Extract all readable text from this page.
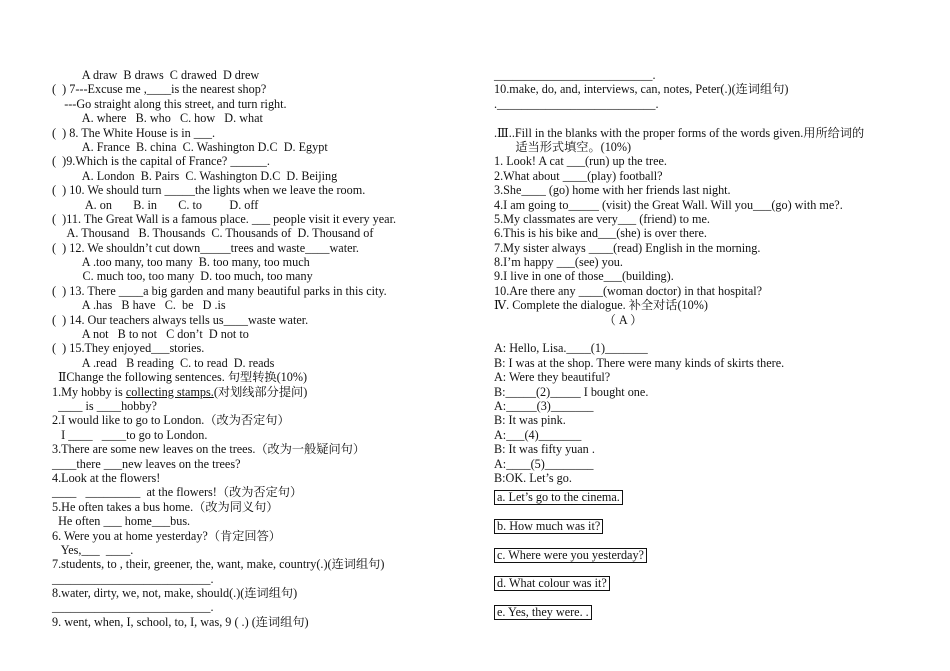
A draw  B draws  C drawed  D drew
(  ) 7---Excuse me ,____is the nearest shop?
---Go straight along this street, and turn right.
A. where   B. who   C. how   D. what
(  ) 8. The White House is in ___.
A. France  B. china  C. Washington D.C  D. Egypt
(  )9.Which is the capital of France? ______.
A. London  B. Pairs  C. Washington D.C  D. Beijing
(  ) 10. We should turn _____the lights when we leave the room.
A. on       B. in       C. to         D. off
(  )11. The Great Wall is a famous place. ___ people visit it every year.
A. Thousand   B. Thousands  C. Thousands of  D. Thousand of
(  ) 12. We shouldn’t cut down_____trees and waste____water.
A .too many, too many  B. too many, too much
C. much too, too many  D. too much, too many
(  ) 13. There ____a big garden and many beautiful parks in this city.
A .has   B have   C.  be   D .is
(  ) 14. Our teachers always tells us____waste water.
A not   B to not   C don’t  D not to
(  ) 15.They enjoyed___stories.
A .read   B reading  C. to read  D. reads
ⅡChange the following sentences. 句型转换(10%)
1.My hobby is collecting stamps.(对划线部分提问)
____ is ____hobby?
2.I would like to go to London.（改为否定句）
I ____   ____to go to London.
3.There are some new leaves on the trees.（改为一般疑问句）
____there ___new leaves on the trees?
4.Look at the flowers!
____   _________  at the flowers!（改为否定句）
5.He often takes a bus home.（改为同义句）
He often ___ home___bus.
6. Were you at home yesterday?（肯定回答）
Yes,___  ____.
7.students, to , their, greener, the, want, make, country(.)(连词组句)
__________________________.
8.water, dirty, we, not, make, should(.)(连词组句)
__________________________.
9. went, when, I, school, to, I, was, 9 ( .) (连词组句)
__________________________.
10.make, do, and, interviews, can, notes, Peter(.)(连词组句)
.__________________________.
.Ⅲ..Fill in the blanks with the proper forms of the words given.用所给词的
适当形式填空。(10%)
1. Look! A cat ___(run) up the tree.
2.What about ____(play) football?
3.She____ (go) home with her friends last night.
4.I am going to_____ (visit) the Great Wall. Will you___(go) with me?.
5.My classmates are very___ (friend) to me.
6.This is his bike and___(she) is over there.
7.My sister always ____(read) English in the morning.
8.I’m happy ___(see) you.
9.I live in one of those___(building).
10.Are there any ____(woman doctor) in that hospital?
Ⅳ. Complete the dialogue. 补全对话(10%)
（ A ）
A: Hello, Lisa.____(1)_______
B: I was at the shop. There were many kinds of skirts there.
A: Were they beautiful?
B:_____(2)_____ I bought one.
A:_____(3)_______
B: It was pink.
A:___(4)_______
B: It was fifty yuan .
A:____(5)________
B:OK. Let’s go.
a. Let’s go to the cinema.
b. How much was it?
c. Where were you yesterday?
d. What colour was it?
e. Yes, they were. .
